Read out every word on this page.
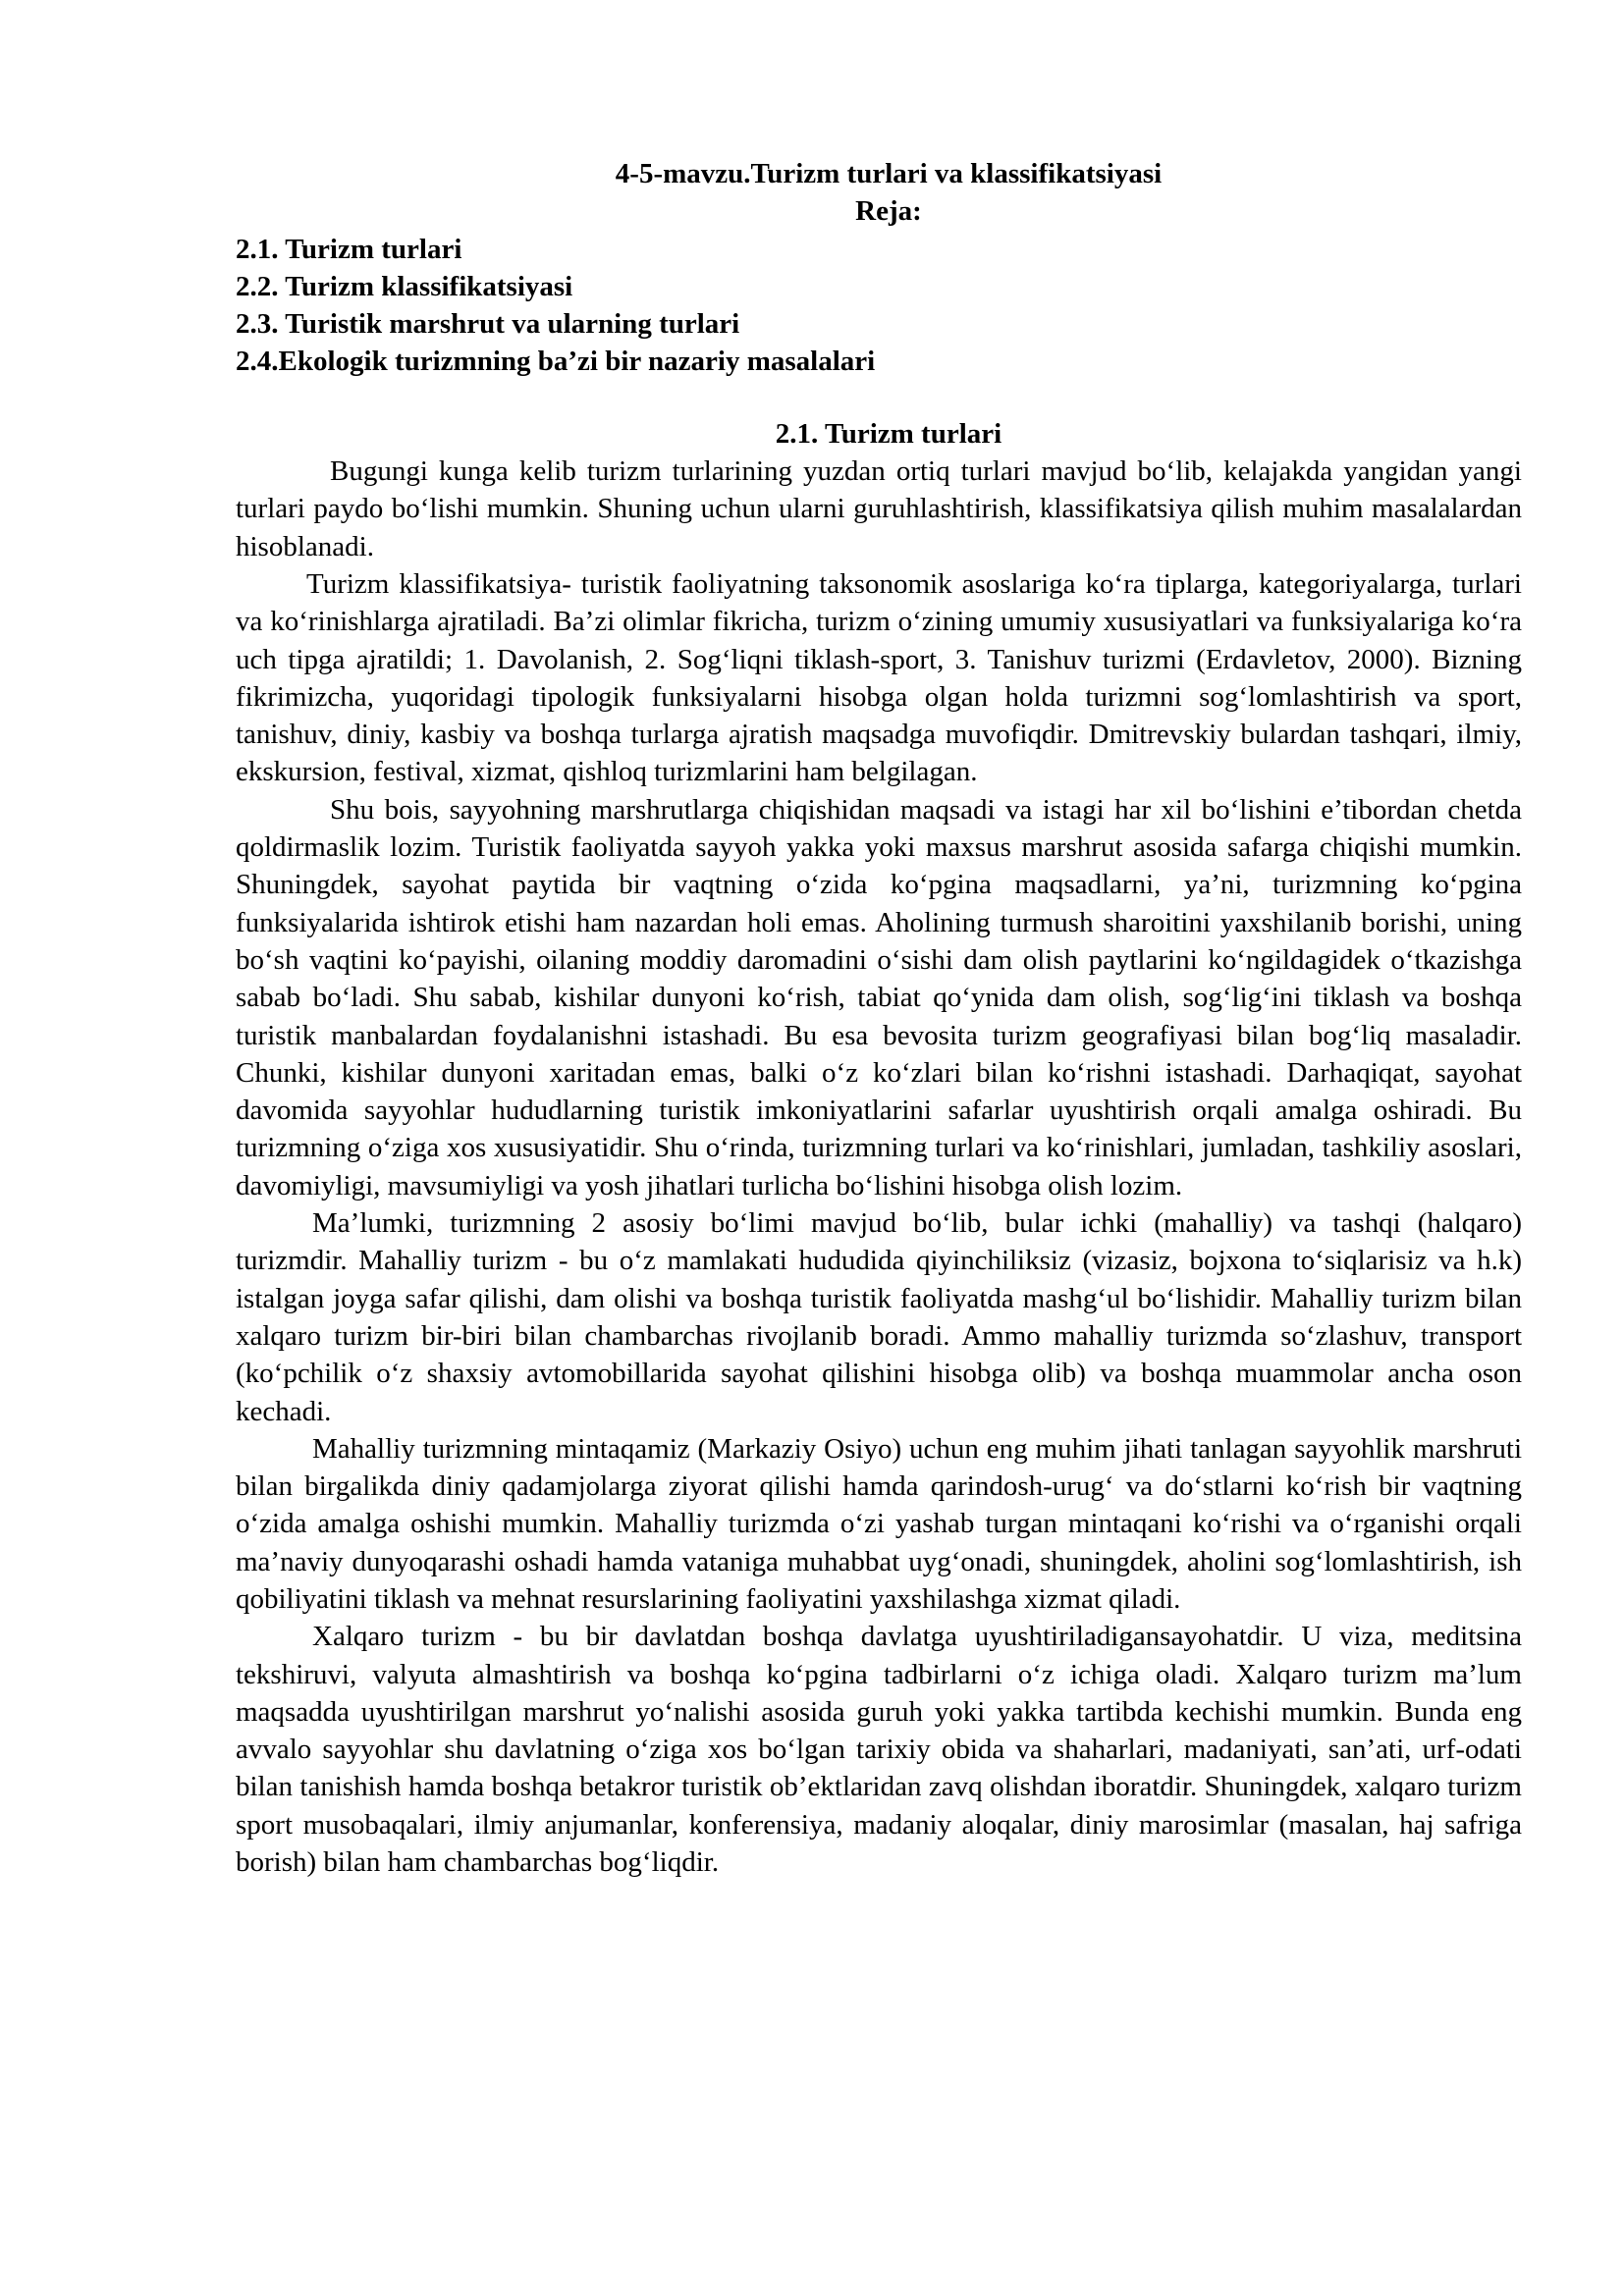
4-5-mavzu.Turizm turlari va klassifikatsiyasi

Reja:

2.1. Turizm turlari
2.2. Turizm klassifikatsiyasi
2.3. Turistik marshrut va ularning turlari
2.4.Ekologik turizmning ba’zi bir nazariy masalalari

2.1. Turizm turlari

Bugungi kunga kelib turizm turlarining yuzdan ortiq turlari mavjud bo‘lib, kelajakda yangidan yangi turlari paydo bo‘lishi mumkin. Shuning uchun ularni guruhlashtirish, klassifikatsiya qilish muhim masalalardan hisoblanadi.

Turizm klassifikatsiya- turistik faoliyatning taksonomik asoslariga ko‘ra tiplarga, kategoriyalarga, turlari va ko‘rinishlarga ajratiladi. Ba’zi olimlar fikricha, turizm o‘zining umumiy xususiyatlari va funksiyalariga ko‘ra uch tipga ajratildi; 1. Davolanish, 2. Sog‘liqni tiklash-sport, 3. Tanishuv turizmi (Erdavletov, 2000). Bizning fikrimizcha, yuqoridagi tipologik funksiyalarni hisobga olgan holda turizmni sog‘lomlashtirish va sport, tanishuv, diniy, kasbiy va boshqa turlarga ajratish maqsadga muvofiqdir. Dmitrevskiy bulardan tashqari, ilmiy, ekskursion, festival, xizmat, qishloq turizmlarini ham belgilagan.

Shu bois, sayyohning marshrutlarga chiqishidan maqsadi va istagi har xil bo‘lishini e’tibordan chetda qoldirmaslik lozim. Turistik faoliyatda sayyoh yakka yoki maxsus marshrut asosida safarga chiqishi mumkin. Shuningdek, sayohat paytida bir vaqtning o‘zida ko‘pgina maqsadlarni, ya’ni, turizmning ko‘pgina funksiyalarida ishtirok etishi ham nazardan holi emas. Aholining turmush sharoitini yaxshilanib borishi, uning bo‘sh vaqtini ko‘payishi, oilaning moddiy daromadini o‘sishi dam olish paytlarini ko‘ngildagidek o‘tkazishga sabab bo‘ladi. Shu sabab, kishilar dunyoni ko‘rish, tabiat qo‘ynida dam olish, sog‘lig‘ini tiklash va boshqa turistik manbalardan foydalanishni istashadi. Bu esa bevosita turizm geografiyasi bilan bog‘liq masaladir. Chunki, kishilar dunyoni xaritadan emas, balki o‘z ko‘zlari bilan ko‘rishni istashadi. Darhaqiqat, sayohat davomida sayyohlar hududlarning turistik imkoniyatlarini safarlar uyushtirish orqali amalga oshiradi. Bu turizmning o‘ziga xos xususiyatidir. Shu o‘rinda, turizmning turlari va ko‘rinishlari, jumladan, tashkiliy asoslari, davomiyligi, mavsumiyligi va yosh jihatlari turlicha bo‘lishini hisobga olish lozim.

Ma’lumki, turizmning 2 asosiy bo‘limi mavjud bo‘lib, bular ichki (mahalliy) va tashqi (halqaro) turizmdir. Mahalliy turizm - bu o‘z mamlakati hududida qiyinchiliksiz (vizasiz, bojxona to‘siqlarisiz va h.k) istalgan joyga safar qilishi, dam olishi va boshqa turistik faoliyatda mashg‘ul bo‘lishidir. Mahalliy turizm bilan xalqaro turizm bir-biri bilan chambarchas rivojlanib boradi. Ammo mahalliy turizmda so‘zlashuv, transport (ko‘pchilik o‘z shaxsiy avtomobillarida sayohat qilishini hisobga olib) va boshqa muammolar ancha oson kechadi.

Mahalliy turizmning mintaqamiz (Markaziy Osiyo) uchun eng muhim jihati tanlagan sayyohlik marshruti bilan birgalikda diniy qadamjolarga ziyorat qilishi hamda qarindosh-urug‘ va do‘stlarni ko‘rish bir vaqtning o‘zida amalga oshishi mumkin. Mahalliy turizmda o‘zi yashab turgan mintaqani ko‘rishi va o‘rganishi orqali ma’naviy dunyoqarashi oshadi hamda vataniga muhabbat uyg‘onadi, shuningdek, aholini sog‘lomlashtirish, ish qobiliyatini tiklash va mehnat resurslarining faoliyatini yaxshilashga xizmat qiladi.

Xalqaro turizm - bu bir davlatdan boshqa davlatga uyushtiriladigansayohatdir. U viza, meditsina tekshiruvi, valyuta almashtirish va boshqa ko‘pgina tadbirlarni o‘z ichiga oladi. Xalqaro turizm ma’lum maqsadda uyushtirilgan marshrut yo‘nalishi asosida guruh yoki yakka tartibda kechishi mumkin. Bunda eng avvalo sayyohlar shu davlatning o‘ziga xos bo‘lgan tarixiy obida va shaharlari, madaniyati, san’ati, urf-odati bilan tanishish hamda boshqa betakror turistik ob’ektlaridan zavq olishdan iboratdir. Shuningdek, xalqaro turizm sport musobaqalari, ilmiy anjumanlar, konferensiya, madaniy aloqalar, diniy marosimlar (masalan, haj safriga borish) bilan ham chambarchas bog‘liqdir.
